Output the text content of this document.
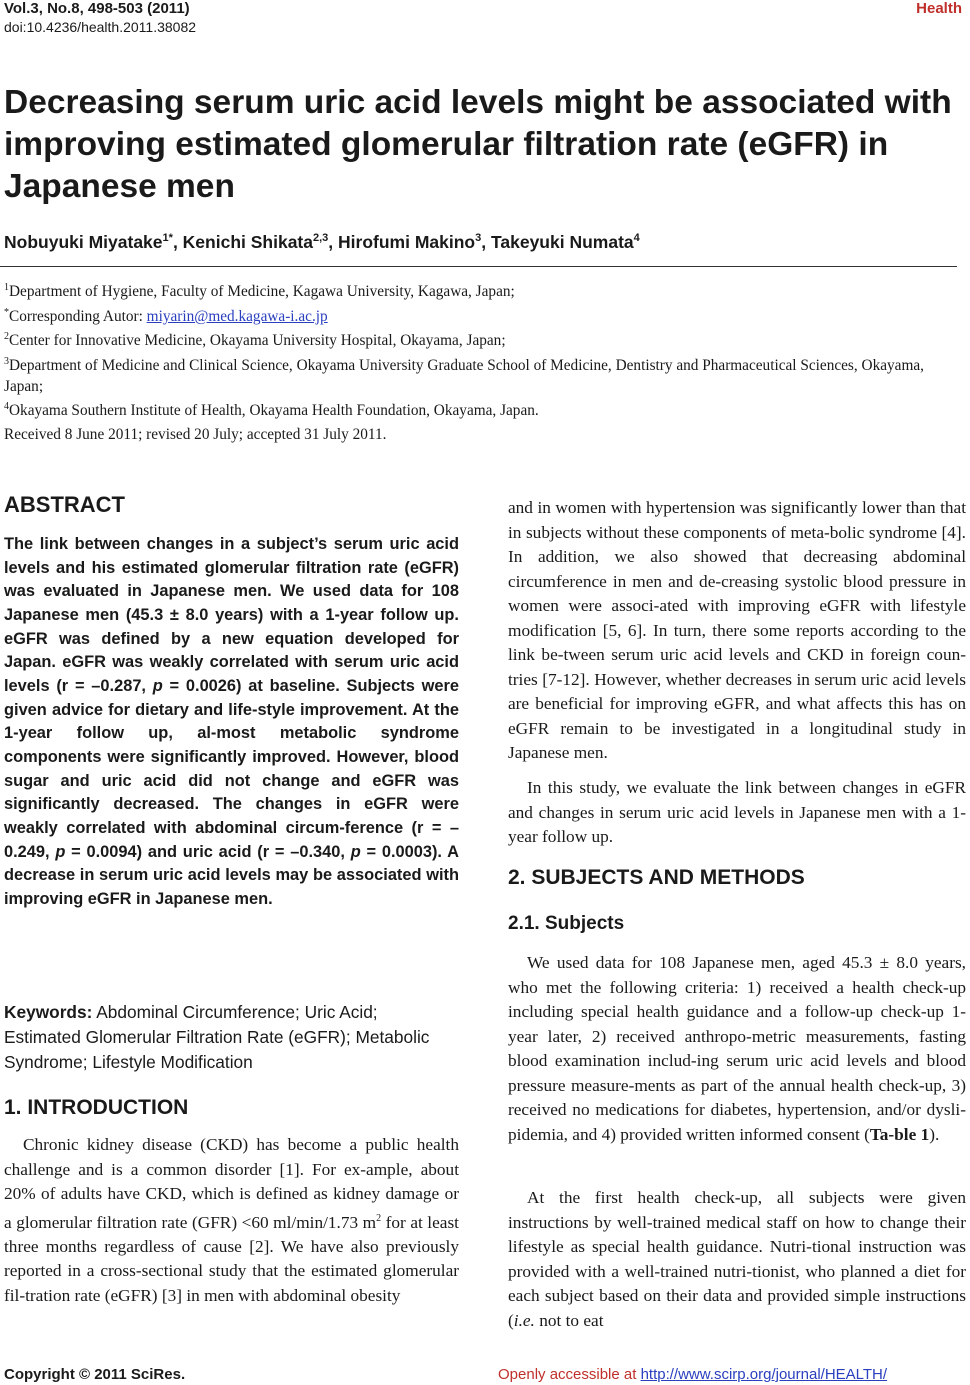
Vol.3, No.8, 498-503 (2011)
doi:10.4236/health.2011.38082
Health
Decreasing serum uric acid levels might be associated with improving estimated glomerular filtration rate (eGFR) in Japanese men
Nobuyuki Miyatake$^{1*}$, Kenichi Shikata$^{2,3}$, Hirofumi Makino$^3$, Takeyuki Numata$^4$
$^1$Department of Hygiene, Faculty of Medicine, Kagawa University, Kagawa, Japan;
*Corresponding Autor: miyarin@med.kagawa-i.ac.jp
$^2$Center for Innovative Medicine, Okayama University Hospital, Okayama, Japan;
$^3$Department of Medicine and Clinical Science, Okayama University Graduate School of Medicine, Dentistry and Pharmaceutical Sciences, Okayama, Japan;
$^4$Okayama Southern Institute of Health, Okayama Health Foundation, Okayama, Japan.
Received 8 June 2011; revised 20 July; accepted 31 July 2011.
ABSTRACT
The link between changes in a subject’s serum uric acid levels and his estimated glomerular filtration rate (eGFR) was evaluated in Japanese men. We used data for 108 Japanese men (45.3 ± 8.0 years) with a 1-year follow up. eGFR was defined by a new equation developed for Japan. eGFR was weakly correlated with serum uric acid levels (r = –0.287, p = 0.0026) at baseline. Subjects were given advice for dietary and life-style improvement. At the 1-year follow up, al-most metabolic syndrome components were significantly improved. However, blood sugar and uric acid did not change and eGFR was significantly decreased. The changes in eGFR were weakly correlated with abdominal circum-ference (r = –0.249, p = 0.0094) and uric acid (r = –0.340, p = 0.0003). A decrease in serum uric acid levels may be associated with improving eGFR in Japanese men.
Keywords: Abdominal Circumference; Uric Acid; Estimated Glomerular Filtration Rate (eGFR); Metabolic Syndrome; Lifestyle Modification
1. INTRODUCTION
Chronic kidney disease (CKD) has become a public health challenge and is a common disorder [1]. For ex-ample, about 20% of adults have CKD, which is defined as kidney damage or a glomerular filtration rate (GFR) <60 ml/min/1.73 $m^2$ for at least three months regardless of cause [2]. We have also previously reported in a cross-sectional study that the estimated glomerular fil-tration rate (eGFR) [3] in men with abdominal obesity
and in women with hypertension was significantly lower than that in subjects without these components of meta-bolic syndrome [4]. In addition, we also showed that decreasing abdominal circumference in men and de-creasing systolic blood pressure in women were associ-ated with improving eGFR with lifestyle modification [5, 6]. In turn, there some reports according to the link be-tween serum uric acid levels and CKD in foreign coun-tries [7-12]. However, whether decreases in serum uric acid levels are beneficial for improving eGFR, and what affects this has on eGFR remain to be investigated in a longitudinal study in Japanese men.
In this study, we evaluate the link between changes in eGFR and changes in serum uric acid levels in Japanese men with a 1-year follow up.
2. SUBJECTS AND METHODS
2.1. Subjects
We used data for 108 Japanese men, aged 45.3 ± 8.0 years, who met the following criteria: 1) received a health check-up including special health guidance and a follow-up check-up 1-year later, 2) received anthropo-metric measurements, fasting blood examination includ-ing serum uric acid levels and blood pressure measure-ments as part of the annual health check-up, 3) received no medications for diabetes, hypertension, and/or dysli-pidemia, and 4) provided written informed consent (Ta-ble 1).
At the first health check-up, all subjects were given instructions by well-trained medical staff on how to change their lifestyle as special health guidance. Nutri-tional instruction was provided with a well-trained nutri-tionist, who planned a diet for each subject based on their data and provided simple instructions (i.e. not to eat
Copyright © 2011 SciRes.	Openly accessible at http://www.scirp.org/journal/HEALTH/
